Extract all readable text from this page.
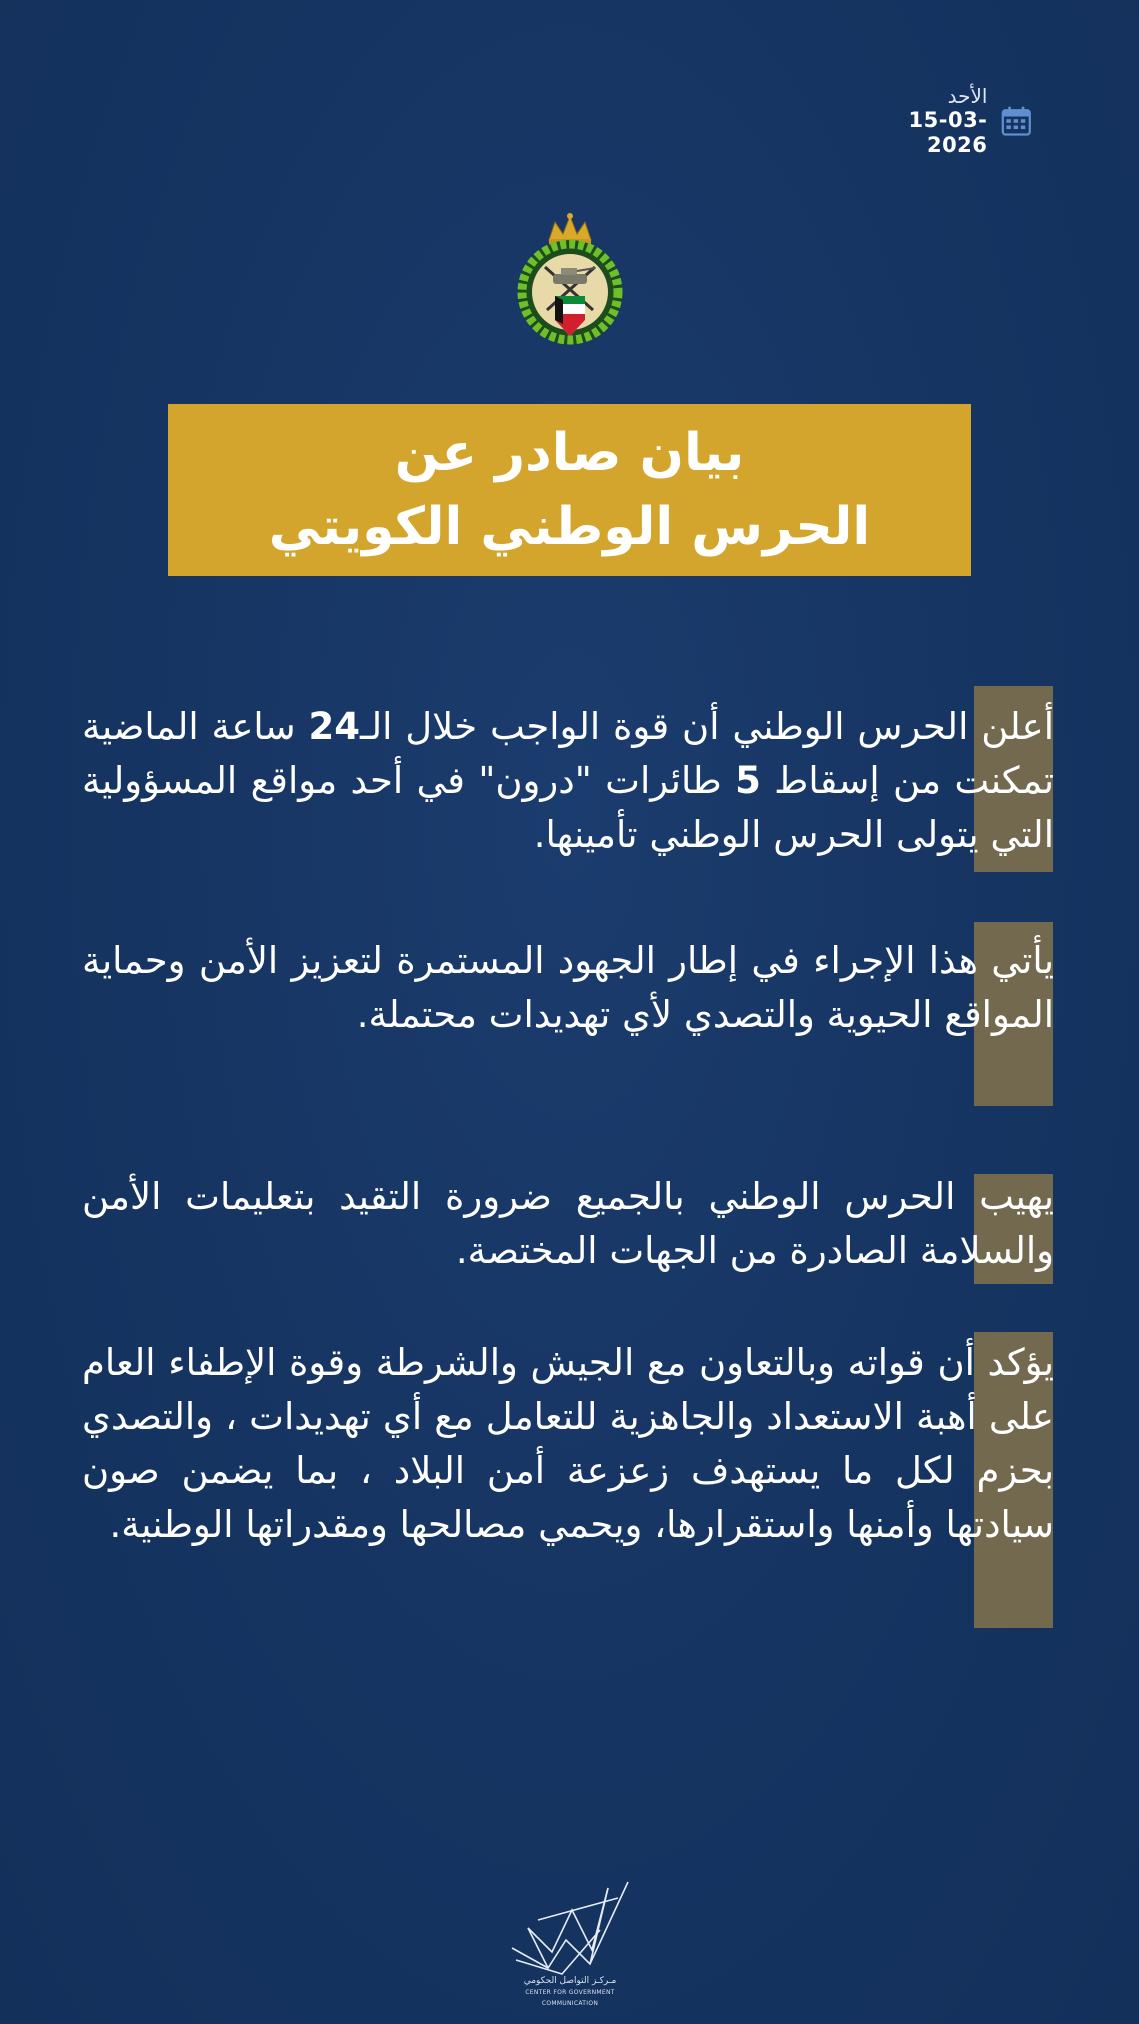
الأحد
15-03-2026
بيان صادر عن
الحرس الوطني الكويتي
أعلن الحرس الوطني أن قوة الواجب خلال الـ24 ساعة الماضية تمكنت من إسقاط 5 طائرات "درون" في أحد مواقع المسؤولية التي يتولى الحرس الوطني تأمينها.
يأتي هذا الإجراء في إطار الجهود المستمرة لتعزيز الأمن وحماية المواقع الحيوية والتصدي لأي تهديدات محتملة.
يهيب الحرس الوطني بالجميع ضرورة التقيد بتعليمات الأمن والسلامة الصادرة من الجهات المختصة.
يؤكد أن قواته وبالتعاون مع الجيش والشرطة وقوة الإطفاء العام على أهبة الاستعداد والجاهزية للتعامل مع أي تهديدات ، والتصدي بحزم لكل ما يستهدف زعزعة أمن البلاد ، بما يضمن صون سيادتها وأمنها واستقرارها، ويحمي مصالحها ومقدراتها الوطنية.
مـركـز التواصل الحكومي
CENTER FOR GOVERNMENT COMMUNICATION
